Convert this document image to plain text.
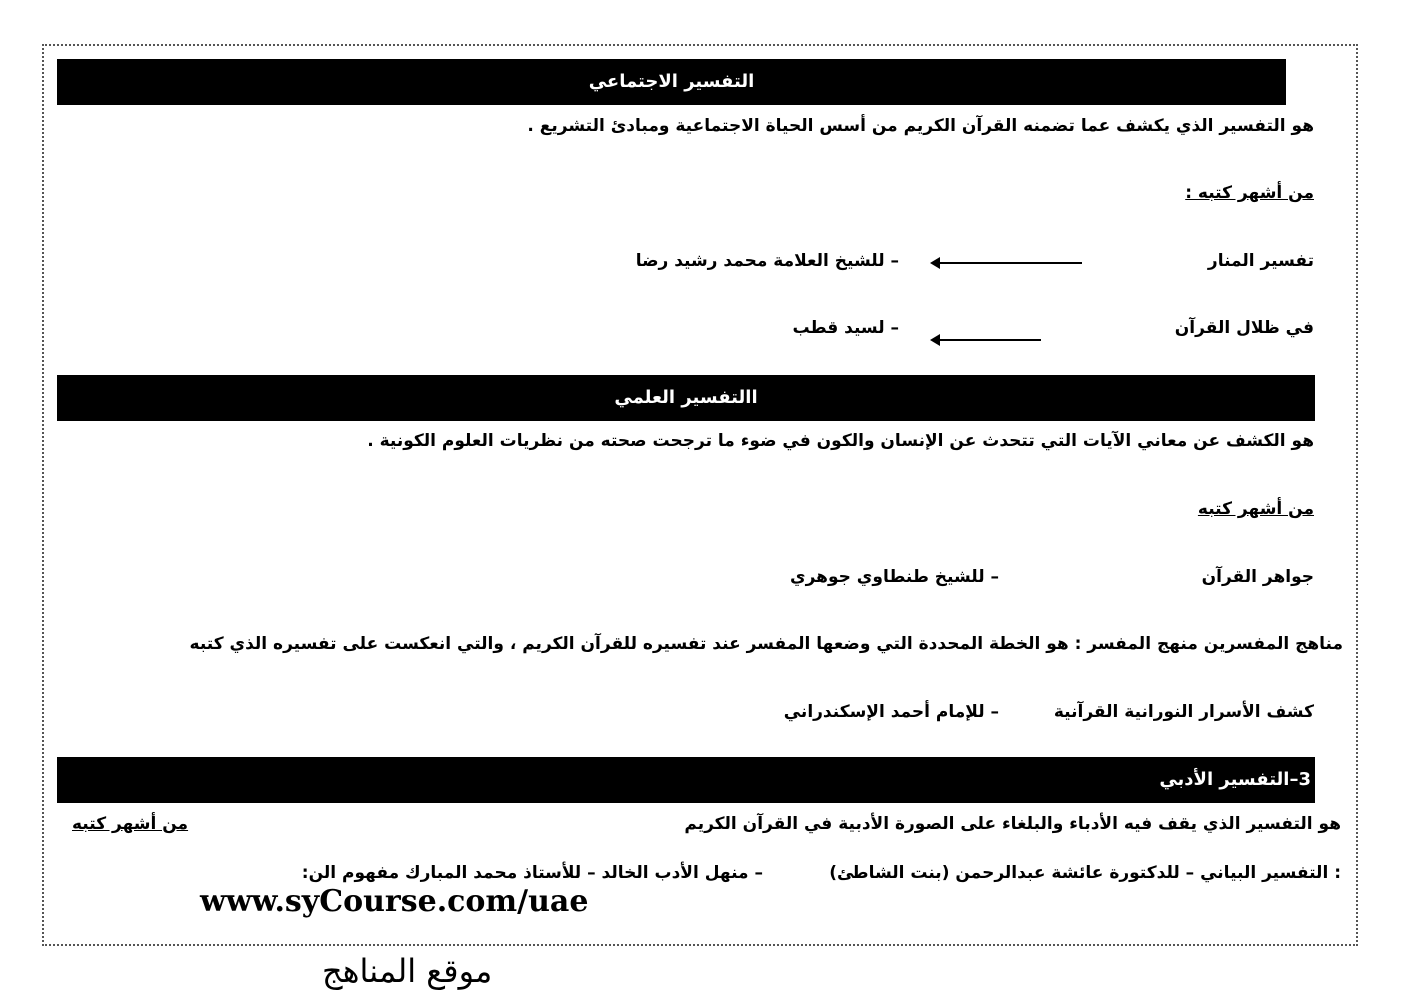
التفسير الاجتماعي
هو التفسير الذي يكشف عما تضمنه القرآن الكريم من أسس الحياة الاجتماعية ومبادئ التشريع .
من أشهر كتبه :
تفسير المنار
– للشيخ العلامة محمد رشيد رضا
في ظلال القرآن
– لسيد قطب
االتفسير العلمي
هو الكشف عن معاني الآيات التي تتحدث عن الإنسان والكون في ضوء ما ترجحت صحته من نظريات العلوم الكونية .
من أشهر كتبه
جواهر القرآن
– للشيخ طنطاوي جوهري
مناهج المفسرين منهج المفسر : هو الخطة المحددة التي وضعها المفسر عند تفسيره للقرآن الكريم ، والتي انعكست على تفسيره الذي كتبه
كشف الأسرار النورانية القرآنية
– للإمام أحمد الإسكندراني
3–التفسير الأدبي
هو التفسير الذي يقف فيه الأدباء والبلغاء على الصورة الأدبية في القرآن الكريم
من أشهر كتبه
: التفسير البياني – للدكتورة عائشة عبدالرحمن (بنت الشاطئ)
– منهل الأدب الخالد – للأستاذ محمد المبارك مفهوم الن:
www.syCourse.com/uae
موقع المناهج
